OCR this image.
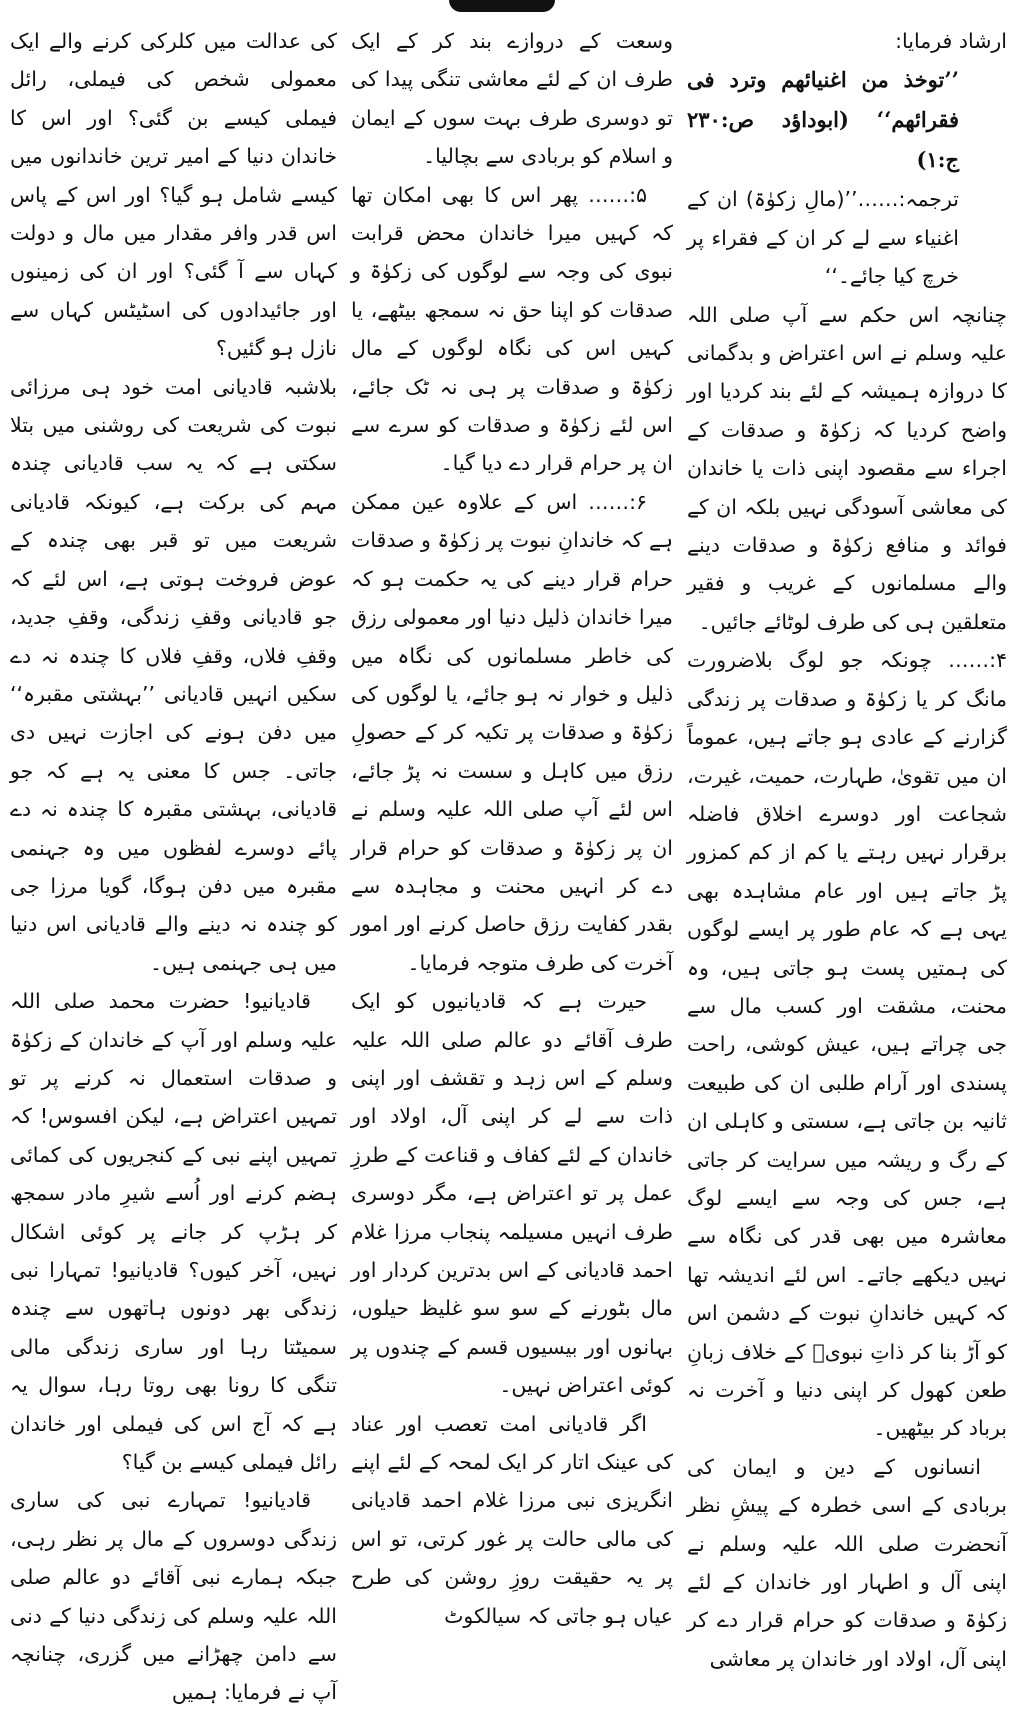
ارشاد فرمایا:

’’توخذ من اغنیائھم وترد فی فقرائھم‘‘ (ابوداؤد ص:۲۳۰ ج:۱)

ترجمہ:……’’(مالِ زکوٰۃ) ان کے اغنیاء سے لے کر ان کے فقراء پر خرچ کیا جائے۔‘‘

چنانچہ اس حکم سے آپ صلی اللہ علیہ وسلم نے اس اعتراض و بدگمانی کا دروازہ ہمیشہ کے لئے بند کردیا اور واضح کردیا کہ زکوٰۃ و صدقات کے اجراء سے مقصود اپنی ذات یا خاندان کی معاشی آسودگی نہیں بلکہ ان کے فوائد و منافع زکوٰۃ و صدقات دینے والے مسلمانوں کے غریب و فقیر متعلقین ہی کی طرف لوٹائے جائیں۔

۴:…… چونکہ جو لوگ بلاضرورت مانگ کر یا زکوٰۃ و صدقات پر زندگی گزارنے کے عادی ہو جاتے ہیں، عموماً ان میں تقویٰ، طہارت، حمیت، غیرت، شجاعت اور دوسرے اخلاق فاضلہ برقرار نہیں رہتے یا کم از کم کمزور پڑ جاتے ہیں اور عام مشاہدہ بھی یہی ہے کہ عام طور پر ایسے لوگوں کی ہمتیں پست ہو جاتی ہیں، وہ محنت، مشقت اور کسب مال سے جی چراتے ہیں، عیش کوشی، راحت پسندی اور آرام طلبی ان کی طبیعت ثانیہ بن جاتی ہے، سستی و کاہلی ان کے رگ و ریشہ میں سرایت کر جاتی ہے، جس کی وجہ سے ایسے لوگ معاشرہ میں بھی قدر کی نگاہ سے نہیں دیکھے جاتے۔ اس لئے اندیشہ تھا کہ کہیں خاندانِ نبوت کے دشمن اس کو آڑ بنا کر ذاتِ نبویؐ کے خلاف زبانِ طعن کھول کر اپنی دنیا و آخرت نہ برباد کر بیٹھیں۔

انسانوں کے دین و ایمان کی بربادی کے اسی خطرہ کے پیشِ نظر آنحضرت صلی اللہ علیہ وسلم نے اپنی آل و اطہار اور خاندان کے لئے زکوٰۃ و صدقات کو حرام قرار دے کر اپنی آل، اولاد اور خاندان پر معاشی

وسعت کے دروازے بند کر کے ایک طرف ان کے لئے معاشی تنگی پیدا کی تو دوسری طرف بہت سوں کے ایمان و اسلام کو بربادی سے بچالیا۔

۵:…… پھر اس کا بھی امکان تھا کہ کہیں میرا خاندان محض قرابت نبوی کی وجہ سے لوگوں کی زکوٰۃ و صدقات کو اپنا حق نہ سمجھ بیٹھے، یا کہیں اس کی نگاہ لوگوں کے مال زکوٰۃ و صدقات پر ہی نہ ٹک جائے، اس لئے زکوٰۃ و صدقات کو سرے سے ان پر حرام قرار دے دیا گیا۔

۶:…… اس کے علاوہ عین ممکن ہے کہ خاندانِ نبوت پر زکوٰۃ و صدقات حرام قرار دینے کی یہ حکمت ہو کہ میرا خاندان ذلیل دنیا اور معمولی رزق کی خاطر مسلمانوں کی نگاہ میں ذلیل و خوار نہ ہو جائے، یا لوگوں کی زکوٰۃ و صدقات پر تکیہ کر کے حصولِ رزق میں کاہل و سست نہ پڑ جائے، اس لئے آپ صلی اللہ علیہ وسلم نے ان پر زکوٰۃ و صدقات کو حرام قرار دے کر انہیں محنت و مجاہدہ سے بقدر کفایت رزق حاصل کرنے اور امور آخرت کی طرف متوجہ فرمایا۔

حیرت ہے کہ قادیانیوں کو ایک طرف آقائے دو عالم صلی اللہ علیہ وسلم کے اس زہد و تقشف اور اپنی ذات سے لے کر اپنی آل، اولاد اور خاندان کے لئے کفاف و قناعت کے طرزِ عمل پر تو اعتراض ہے، مگر دوسری طرف انہیں مسیلمہ پنجاب مرزا غلام احمد قادیانی کے اس بدترین کردار اور مال بٹورنے کے سو سو غلیظ حیلوں، بہانوں اور بیسیوں قسم کے چندوں پر کوئی اعتراض نہیں۔

اگر قادیانی امت تعصب اور عناد کی عینک اتار کر ایک لمحہ کے لئے اپنے انگریزی نبی مرزا غلام احمد قادیانی کی مالی حالت پر غور کرتی، تو اس پر یہ حقیقت روزِ روشن کی طرح عیاں ہو جاتی کہ سیالکوٹ

کی عدالت میں کلرکی کرنے والے ایک معمولی شخص کی فیملی، رائل فیملی کیسے بن گئی؟ اور اس کا خاندان دنیا کے امیر ترین خاندانوں میں کیسے شامل ہو گیا؟ اور اس کے پاس اس قدر وافر مقدار میں مال و دولت کہاں سے آ گئی؟ اور ان کی زمینوں اور جائیدادوں کی اسٹیٹس کہاں سے نازل ہو گئیں؟

بلاشبہ قادیانی امت خود ہی مرزائی نبوت کی شریعت کی روشنی میں بتلا سکتی ہے کہ یہ سب قادیانی چندہ مہم کی برکت ہے، کیونکہ قادیانی شریعت میں تو قبر بھی چندہ کے عوض فروخت ہوتی ہے، اس لئے کہ جو قادیانی وقفِ زندگی، وقفِ جدید، وقفِ فلاں، وقفِ فلاں کا چندہ نہ دے سکیں انہیں قادیانی ’’بہشتی مقبرہ‘‘ میں دفن ہونے کی اجازت نہیں دی جاتی۔ جس کا معنی یہ ہے کہ جو قادیانی، بہشتی مقبرہ کا چندہ نہ دے پائے دوسرے لفظوں میں وہ جہنمی مقبرہ میں دفن ہوگا، گویا مرزا جی کو چندہ نہ دینے والے قادیانی اس دنیا میں ہی جہنمی ہیں۔

قادیانیو! حضرت محمد صلی اللہ علیہ وسلم اور آپ کے خاندان کے زکوٰۃ و صدقات استعمال نہ کرنے پر تو تمہیں اعتراض ہے، لیکن افسوس! کہ تمہیں اپنے نبی کے کنجریوں کی کمائی ہضم کرنے اور اُسے شیرِ مادر سمجھ کر ہڑپ کر جانے پر کوئی اشکال نہیں، آخر کیوں؟ قادیانیو! تمہارا نبی زندگی بھر دونوں ہاتھوں سے چندہ سمیٹتا رہا اور ساری زندگی مالی تنگی کا رونا بھی روتا رہا، سوال یہ ہے کہ آج اس کی فیملی اور خاندان رائل فیملی کیسے بن گیا؟

قادیانیو! تمہارے نبی کی ساری زندگی دوسروں کے مال پر نظر رہی، جبکہ ہمارے نبی آقائے دو عالم صلی اللہ علیہ وسلم کی زندگی دنیا کے دنی سے دامن چھڑانے میں گزری، چنانچہ آپ نے فرمایا: ہمیں
